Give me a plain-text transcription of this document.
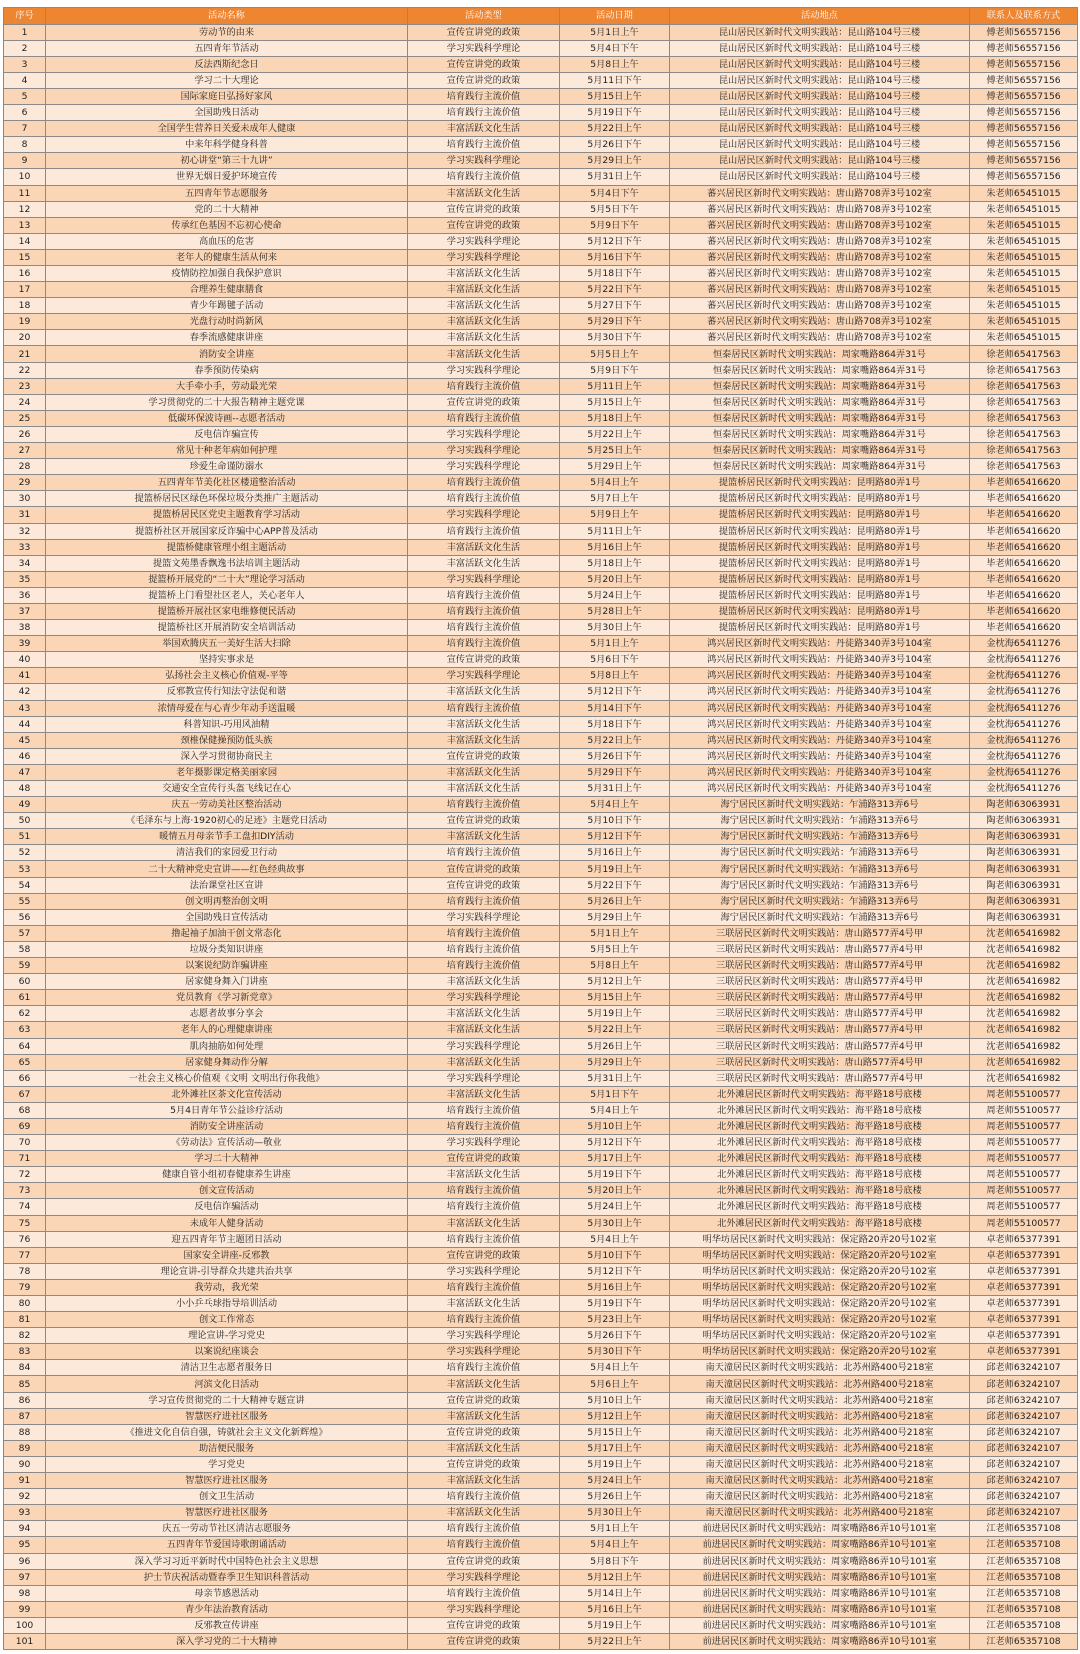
序号	活动名称	活动类型	活动日期	活动地点	联系人及联系方式
1	劳动节的由来	宣传宣讲党的政策	5月1日上午	昆山居民区新时代文明实践站：昆山路104号三楼	傅老师56557156
2	五四青年节活动	学习实践科学理论	5月4日下午	昆山居民区新时代文明实践站：昆山路104号三楼	傅老师56557156
3	反法西斯纪念日	宣传宣讲党的政策	5月8日上午	昆山居民区新时代文明实践站：昆山路104号三楼	傅老师56557156
4	学习二十大理论	宣传宣讲党的政策	5月11日下午	昆山居民区新时代文明实践站：昆山路104号三楼	傅老师56557156
5	国际家庭日弘扬好家风	培育践行主流价值	5月15日上午	昆山居民区新时代文明实践站：昆山路104号三楼	傅老师56557156
6	全国助残日活动	培育践行主流价值	5月19日下午	昆山居民区新时代文明实践站：昆山路104号三楼	傅老师56557156
7	全国学生营养日关爱未成年人健康	丰富活跃文化生活	5月22日上午	昆山居民区新时代文明实践站：昆山路104号三楼	傅老师56557156
8	中来年科学健身科普	培育践行主流价值	5月26日下午	昆山居民区新时代文明实践站：昆山路104号三楼	傅老师56557156
9	初心讲堂“第三十九讲”	学习实践科学理论	5月29日上午	昆山居民区新时代文明实践站：昆山路104号三楼	傅老师56557156
10	世界无烟日爱护环境宣传	培育践行主流价值	5月31日上午	昆山居民区新时代文明实践站：昆山路104号三楼	傅老师56557156
11	五四青年节志愿服务	丰富活跃文化生活	5月4日下午	蕃兴居民区新时代文明实践站：唐山路708弄3号102室	朱老师65451015
12	党的二十大精神	宣传宣讲党的政策	5月5日下午	蕃兴居民区新时代文明实践站：唐山路708弄3号102室	朱老师65451015
13	传承红色基因不忘初心使命	宣传宣讲党的政策	5月9日下午	蕃兴居民区新时代文明实践站：唐山路708弄3号102室	朱老师65451015
14	高血压的危害	学习实践科学理论	5月12日下午	蕃兴居民区新时代文明实践站：唐山路708弄3号102室	朱老师65451015
15	老年人的健康生活从何来	学习实践科学理论	5月16日下午	蕃兴居民区新时代文明实践站：唐山路708弄3号102室	朱老师65451015
16	疫情防控加强自我保护意识	丰富活跃文化生活	5月18日下午	蕃兴居民区新时代文明实践站：唐山路708弄3号102室	朱老师65451015
17	合理养生健康膳食	丰富活跃文化生活	5月22日下午	蕃兴居民区新时代文明实践站：唐山路708弄3号102室	朱老师65451015
18	青少年踢毽子活动	丰富活跃文化生活	5月27日下午	蕃兴居民区新时代文明实践站：唐山路708弄3号102室	朱老师65451015
19	光盘行动时尚新风	丰富活跃文化生活	5月29日下午	蕃兴居民区新时代文明实践站：唐山路708弄3号102室	朱老师65451015
20	春季流感健康讲座	丰富活跃文化生活	5月30日下午	蕃兴居民区新时代文明实践站：唐山路708弄3号102室	朱老师65451015
21	消防安全讲座	丰富活跃文化生活	5月5日上午	恒泰居民区新时代文明实践站：周家嘴路864弄31号	徐老师65417563
22	春季预防传染病	学习实践科学理论	5月9日下午	恒泰居民区新时代文明实践站：周家嘴路864弄31号	徐老师65417563
23	大手牵小手，劳动最光荣	培育践行主流价值	5月11日上午	恒泰居民区新时代文明实践站：周家嘴路864弄31号	徐老师65417563
24	学习贯彻党的二十大报告精神主题党课	宣传宣讲党的政策	5月15日上午	恒泰居民区新时代文明实践站：周家嘴路864弄31号	徐老师65417563
25	低碳环保波诗画--志愿者活动	培育践行主流价值	5月18日上午	恒泰居民区新时代文明实践站：周家嘴路864弄31号	徐老师65417563
26	反电信诈骗宣传	学习实践科学理论	5月22日上午	恒泰居民区新时代文明实践站：周家嘴路864弄31号	徐老师65417563
27	常见十种老年病如何护理	学习实践科学理论	5月25日上午	恒泰居民区新时代文明实践站：周家嘴路864弄31号	徐老师65417563
28	珍爱生命谨防溺水	学习实践科学理论	5月29日上午	恒泰居民区新时代文明实践站：周家嘴路864弄31号	徐老师65417563
29	五四青年节美化社区楼道整治活动	培育践行主流价值	5月4日上午	提篮桥居民区新时代文明实践站：昆明路80弄1号	毕老师65416620
30	提篮桥居民区绿色环保垃圾分类推广主题活动	培育践行主流价值	5月7日上午	提篮桥居民区新时代文明实践站：昆明路80弄1号	毕老师65416620
31	提篮桥居民区党史主题教育学习活动	学习实践科学理论	5月9日上午	提篮桥居民区新时代文明实践站：昆明路80弄1号	毕老师65416620
32	提篮桥社区开展国家反诈骗中心APP普及活动	培育践行主流价值	5月11日上午	提篮桥居民区新时代文明实践站：昆明路80弄1号	毕老师65416620
33	提篮桥健康管理小组主题活动	丰富活跃文化生活	5月16日上午	提篮桥居民区新时代文明实践站：昆明路80弄1号	毕老师65416620
34	提篮文苑墨香飘逸书法培训主题活动	丰富活跃文化生活	5月18日上午	提篮桥居民区新时代文明实践站：昆明路80弄1号	毕老师65416620
35	提篮桥开展党的“二十大”理论学习活动	学习实践科学理论	5月20日上午	提篮桥居民区新时代文明实践站：昆明路80弄1号	毕老师65416620
36	提篮桥上门看望社区老人，关心老年人	培育践行主流价值	5月24日上午	提篮桥居民区新时代文明实践站：昆明路80弄1号	毕老师65416620
37	提篮桥开展社区家电维修便民活动	培育践行主流价值	5月28日上午	提篮桥居民区新时代文明实践站：昆明路80弄1号	毕老师65416620
38	提篮桥社区开展消防安全培训活动	培育践行主流价值	5月30日上午	提篮桥居民区新时代文明实践站：昆明路80弄1号	毕老师65416620
39	举国欢腾庆五一美好生活大扫除	培育践行主流价值	5月1日上午	鸿兴居民区新时代文明实践站：丹徒路340弄3号104室	金枕海65411276
40	坚持实事求是	宣传宣讲党的政策	5月6日下午	鸿兴居民区新时代文明实践站：丹徒路340弄3号104室	金枕海65411276
41	弘扬社会主义核心价值观-平等	学习实践科学理论	5月8日上午	鸿兴居民区新时代文明实践站：丹徒路340弄3号104室	金枕海65411276
42	反邪教宣传行知法守法促和谐	丰富活跃文化生活	5月12日下午	鸿兴居民区新时代文明实践站：丹徒路340弄3号104室	金枕海65411276
43	浓情母爱在与心青少年动手送温暖	培育践行主流价值	5月14日下午	鸿兴居民区新时代文明实践站：丹徒路340弄3号104室	金枕海65411276
44	科普知识-巧用风油精	丰富活跃文化生活	5月18日下午	鸿兴居民区新时代文明实践站：丹徒路340弄3号104室	金枕海65411276
45	颈椎保健操预防低头族	丰富活跃文化生活	5月22日上午	鸿兴居民区新时代文明实践站：丹徒路340弄3号104室	金枕海65411276
46	深入学习贯彻协商民主	宣传宣讲党的政策	5月26日下午	鸿兴居民区新时代文明实践站：丹徒路340弄3号104室	金枕海65411276
47	老年摄影课定格美丽家园	丰富活跃文化生活	5月29日下午	鸿兴居民区新时代文明实践站：丹徒路340弄3号104室	金枕海65411276
48	交通安全宣传行头盔飞线记在心	丰富活跃文化生活	5月31日上午	鸿兴居民区新时代文明实践站：丹徒路340弄3号104室	金枕海65411276
49	庆五一劳动美社区整治活动	培育践行主流价值	5月4日上午	海宁居民区新时代文明实践站：乍浦路313弄6号	陶老师63063931
50	《毛泽东与上海·1920初心的足迹》主题党日活动	宣传宣讲党的政策	5月10日下午	海宁居民区新时代文明实践站：乍浦路313弄6号	陶老师63063931
51	暖情五月母亲节手工盘扣DIY活动	丰富活跃文化生活	5月12日下午	海宁居民区新时代文明实践站：乍浦路313弄6号	陶老师63063931
52	清洁我们的家园爱卫行动	培育践行主流价值	5月16日上午	海宁居民区新时代文明实践站：乍浦路313弄6号	陶老师63063931
53	二十大精神党史宣讲——红色经典故事	宣传宣讲党的政策	5月19日上午	海宁居民区新时代文明实践站：乍浦路313弄6号	陶老师63063931
54	法治课堂社区宣讲	宣传宣讲党的政策	5月22日下午	海宁居民区新时代文明实践站：乍浦路313弄6号	陶老师63063931
55	创文明再整治创文明	培育践行主流价值	5月26日上午	海宁居民区新时代文明实践站：乍浦路313弄6号	陶老师63063931
56	全国助残日宣传活动	学习实践科学理论	5月29日上午	海宁居民区新时代文明实践站：乍浦路313弄6号	陶老师63063931
57	撸起袖子加油干创文常态化	培育践行主流价值	5月1日上午	三联居民区新时代文明实践站：唐山路577弄4号甲	沈老师65416982
58	垃圾分类知识讲座	培育践行主流价值	5月5日上午	三联居民区新时代文明实践站：唐山路577弄4号甲	沈老师65416982
59	以案说纪防诈骗讲座	培育践行主流价值	5月8日上午	三联居民区新时代文明实践站：唐山路577弄4号甲	沈老师65416982
60	居家健身舞入门讲座	丰富活跃文化生活	5月12日上午	三联居民区新时代文明实践站：唐山路577弄4号甲	沈老师65416982
61	党员教育《学习新党章》	学习实践科学理论	5月15日上午	三联居民区新时代文明实践站：唐山路577弄4号甲	沈老师65416982
62	志愿者故事分享会	丰富活跃文化生活	5月19日上午	三联居民区新时代文明实践站：唐山路577弄4号甲	沈老师65416982
63	老年人的心理健康讲座	丰富活跃文化生活	5月22日上午	三联居民区新时代文明实践站：唐山路577弄4号甲	沈老师65416982
64	肌肉抽筋如何处理	学习实践科学理论	5月26日上午	三联居民区新时代文明实践站：唐山路577弄4号甲	沈老师65416982
65	居家健身舞动作分解	丰富活跃文化生活	5月29日上午	三联居民区新时代文明实践站：唐山路577弄4号甲	沈老师65416982
66	一社会主义核心价值观《文明 文明出行你我他》	学习实践科学理论	5月31日上午	三联居民区新时代文明实践站：唐山路577弄4号甲	沈老师65416982
67	北外滩社区茶文化宣传活动	丰富活跃文化生活	5月1日下午	北外滩居民区新时代文明实践站：海平路18号底楼	周老师55100577
68	5月4日青年节公益诊疗活动	培育践行主流价值	5月4日上午	北外滩居民区新时代文明实践站：海平路18号底楼	周老师55100577
69	消防安全讲座活动	培育践行主流价值	5月10日上午	北外滩居民区新时代文明实践站：海平路18号底楼	周老师55100577
70	《劳动法》宣传活动—敬业	学习实践科学理论	5月12日下午	北外滩居民区新时代文明实践站：海平路18号底楼	周老师55100577
71	学习二十大精神	宣传宣讲党的政策	5月17日上午	北外滩居民区新时代文明实践站：海平路18号底楼	周老师55100577
72	健康自管小组初春健康养生讲座	丰富活跃文化生活	5月19日下午	北外滩居民区新时代文明实践站：海平路18号底楼	周老师55100577
73	创文宣传活动	培育践行主流价值	5月20日上午	北外滩居民区新时代文明实践站：海平路18号底楼	周老师55100577
74	反电信诈骗活动	培育践行主流价值	5月24日上午	北外滩居民区新时代文明实践站：海平路18号底楼	周老师55100577
75	未成年人健身活动	丰富活跃文化生活	5月30日上午	北外滩居民区新时代文明实践站：海平路18号底楼	周老师55100577
76	迎五四青年节主题团日活动	培育践行主流价值	5月4日上午	明华坊居民区新时代文明实践站：保定路20弄20号102室	卓老师65377391
77	国家安全讲座-反邪教	宣传宣讲党的政策	5月10日下午	明华坊居民区新时代文明实践站：保定路20弄20号102室	卓老师65377391
78	理论宣讲-引导群众共建共治共享	学习实践科学理论	5月12日下午	明华坊居民区新时代文明实践站：保定路20弄20号102室	卓老师65377391
79	我劳动，我光荣	培育践行主流价值	5月16日上午	明华坊居民区新时代文明实践站：保定路20弄20号102室	卓老师65377391
80	小小乒乓球指导培训活动	丰富活跃文化生活	5月19日下午	明华坊居民区新时代文明实践站：保定路20弄20号102室	卓老师65377391
81	创文工作常态	培育践行主流价值	5月23日上午	明华坊居民区新时代文明实践站：保定路20弄20号102室	卓老师65377391
82	理论宣讲-学习党史	学习实践科学理论	5月26日下午	明华坊居民区新时代文明实践站：保定路20弄20号102室	卓老师65377391
83	以案说纪座谈会	学习实践科学理论	5月30日下午	明华坊居民区新时代文明实践站：保定路20弄20号102室	卓老师65377391
84	清洁卫生志愿者服务日	培育践行主流价值	5月4日上午	南天潼居民区新时代文明实践站：北苏州路400号218室	邱老师63242107
85	河滨文化日活动	丰富活跃文化生活	5月6日上午	南天潼居民区新时代文明实践站：北苏州路400号218室	邱老师63242107
86	学习宣传贯彻党的二十大精神专题宣讲	宣传宣讲党的政策	5月10日上午	南天潼居民区新时代文明实践站：北苏州路400号218室	邱老师63242107
87	智慧医疗进社区服务	丰富活跃文化生活	5月12日上午	南天潼居民区新时代文明实践站：北苏州路400号218室	邱老师63242107
88	《推进文化自信自强，铸就社会主义文化新辉煌》	宣传宣讲党的政策	5月15日上午	南天潼居民区新时代文明实践站：北苏州路400号218室	邱老师63242107
89	助洁便民服务	丰富活跃文化生活	5月17日上午	南天潼居民区新时代文明实践站：北苏州路400号218室	邱老师63242107
90	学习党史	宣传宣讲党的政策	5月19日上午	南天潼居民区新时代文明实践站：北苏州路400号218室	邱老师63242107
91	智慧医疗进社区服务	丰富活跃文化生活	5月24日上午	南天潼居民区新时代文明实践站：北苏州路400号218室	邱老师63242107
92	创文卫生活动	培育践行主流价值	5月26日上午	南天潼居民区新时代文明实践站：北苏州路400号218室	邱老师63242107
93	智慧医疗进社区服务	丰富活跃文化生活	5月30日上午	南天潼居民区新时代文明实践站：北苏州路400号218室	邱老师63242107
94	庆五一劳动节社区清洁志愿服务	培育践行主流价值	5月1日上午	前进居民区新时代文明实践站：周家嘴路86弄10号101室	江老师65357108
95	五四青年节爱国诗歌朗诵活动	培育践行主流价值	5月4日上午	前进居民区新时代文明实践站：周家嘴路86弄10号101室	江老师65357108
96	深入学习习近平新时代中国特色社会主义思想	宣传宣讲党的政策	5月8日下午	前进居民区新时代文明实践站：周家嘴路86弄10号101室	江老师65357108
97	护士节庆祝活动暨春季卫生知识科普活动	学习实践科学理论	5月12日上午	前进居民区新时代文明实践站：周家嘴路86弄10号101室	江老师65357108
98	母亲节感恩活动	培育践行主流价值	5月14日上午	前进居民区新时代文明实践站：周家嘴路86弄10号101室	江老师65357108
99	青少年法治教育活动	学习实践科学理论	5月16日上午	前进居民区新时代文明实践站：周家嘴路86弄10号101室	江老师65357108
100	反邪教宣传讲座	宣传宣讲党的政策	5月19日上午	前进居民区新时代文明实践站：周家嘴路86弄10号101室	江老师65357108
101	深入学习党的二十大精神	宣传宣讲党的政策	5月22日上午	前进居民区新时代文明实践站：周家嘴路86弄10号101室	江老师65357108
